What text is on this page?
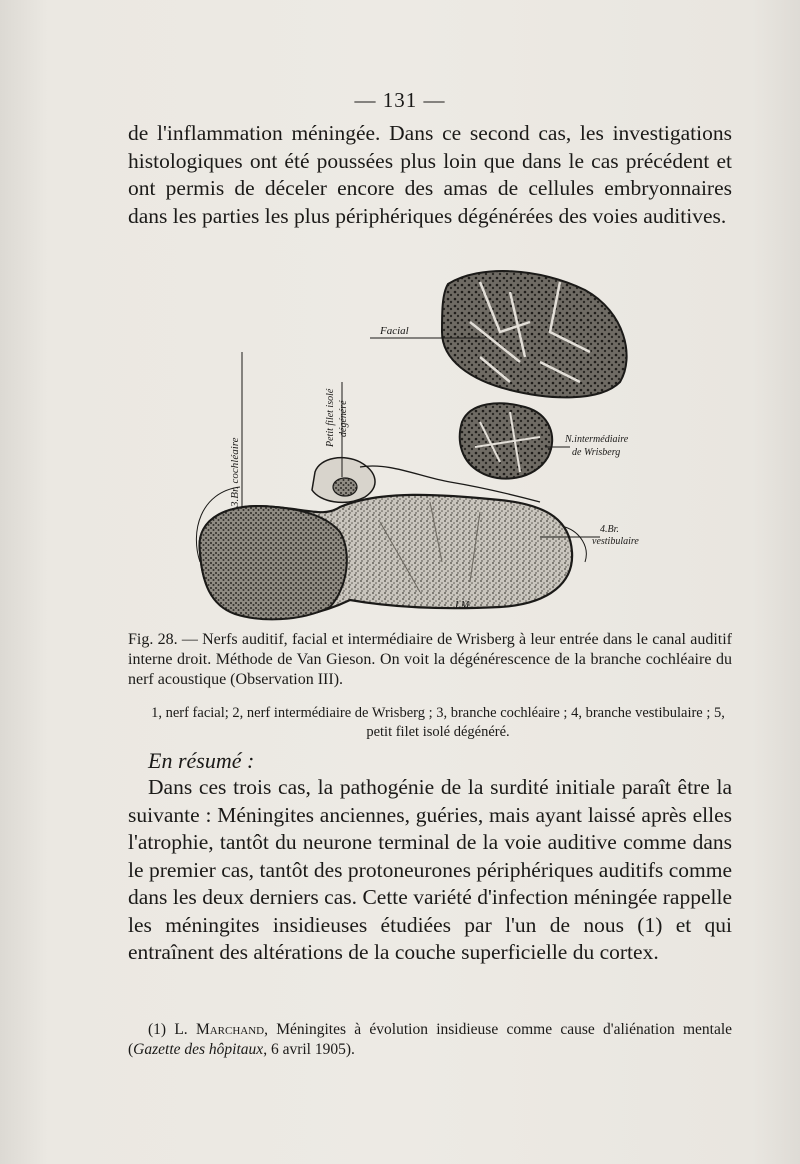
— 131 —

de l'inflammation méningée. Dans ce second cas, les investigations histologiques ont été poussées plus loin que dans le cas précédent et ont permis de déceler encore des amas de cellules embryonnaires dans les parties les plus périphériques dégénérées des voies auditives.

Facial
N.intermédiaire
de Wrisberg
3.Br. cochléaire
Petit filet isolé dégénéré
4.Br.
vestibulaire
I.M.

Fig. 28. — Nerfs auditif, facial et intermédiaire de Wrisberg à leur entrée dans le canal auditif interne droit. Méthode de Van Gieson. On voit la dégénérescence de la branche cochléaire du nerf acoustique (Observation III).

1, nerf facial; 2, nerf intermédiaire de Wrisberg ; 3, branche cochléaire ; 4, branche vestibulaire ; 5, petit filet isolé dégénéré.

En résumé :

Dans ces trois cas, la pathogénie de la surdité initiale paraît être la suivante : Méningites anciennes, guéries, mais ayant laissé après elles l'atrophie, tantôt du neurone terminal de la voie auditive comme dans le premier cas, tantôt des protoneurones périphériques auditifs comme dans les deux derniers cas. Cette variété d'infection méningée rappelle les méningites insidieuses étudiées par l'un de nous (1) et qui entraînent des altérations de la couche superficielle du cortex.

(1) L. Marchand, Méningites à évolution insidieuse comme cause d'aliénation mentale (Gazette des hôpitaux, 6 avril 1905).
